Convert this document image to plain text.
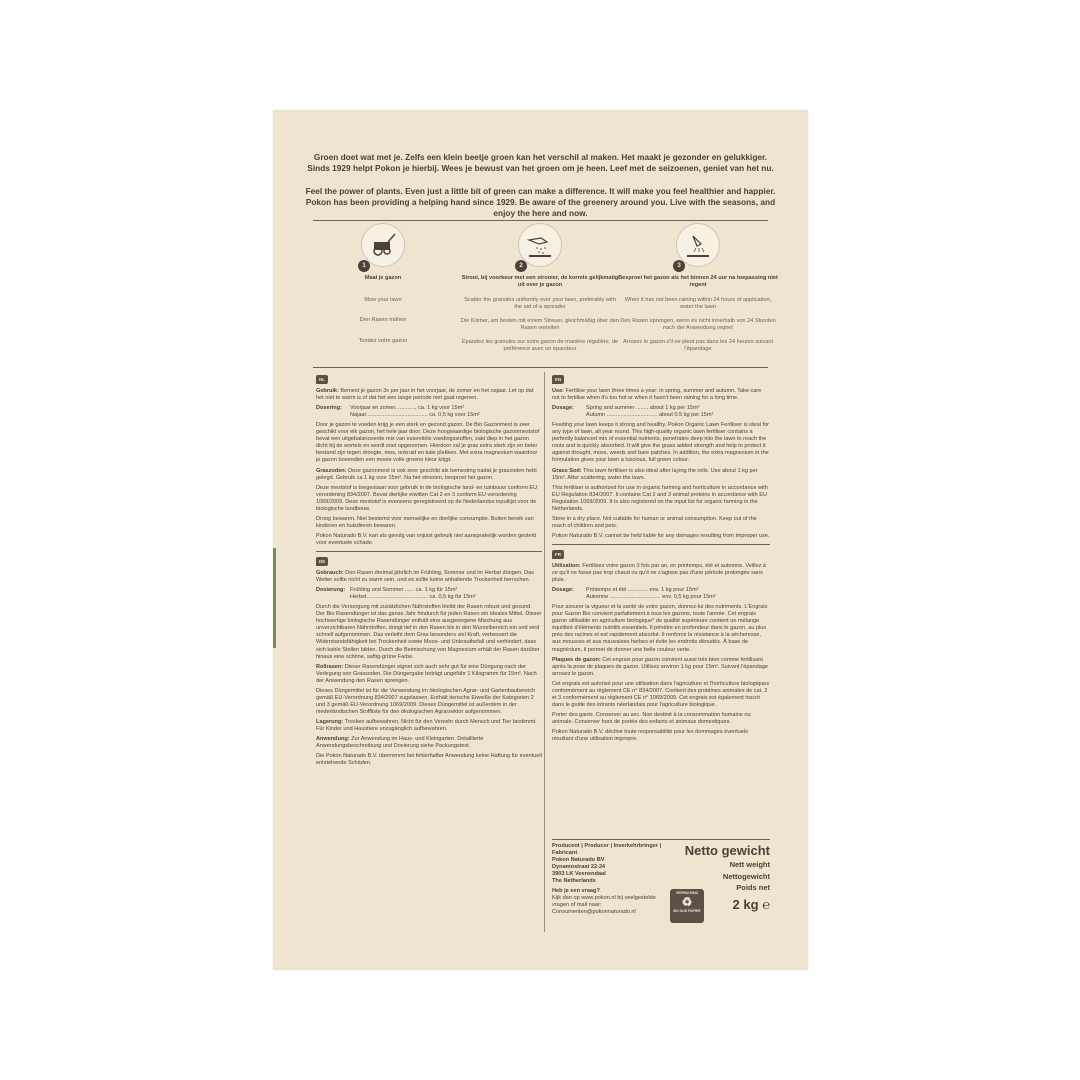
Groen doet wat met je. Zelfs een klein beetje groen kan het verschil al maken. Het maakt je gezonder en gelukkiger. Sinds 1929 helpt Pokon je hierbij. Wees je bewust van het groen om je heen. Leef met de seizoenen, geniet van het nu.
Feel the power of plants. Even just a little bit of green can make a difference. It will make you feel healthier and happier. Pokon has been providing a helping hand since 1929. Be aware of the greenery around you. Live with the seasons, and enjoy the here and now.
1
Maai je gazon
Mow your lawn
Den Rasen mähen
Tondez votre gazon
2
Strooi, bij voorkeur met een strooier, de korrels gelijkmatig uit over je gazon
Scatter the granules uniformly over your lawn, preferably with the aid of a spreader
Die Körner, am besten mit einem Streuer, gleichmäßig über den Rasen verteilen
Épandez les granules sur votre gazon de manière régulière, de préférence avec un épandeur
3
Besproei het gazon als het binnen 24 uur na toepassing niet regent
When it has not been raining within 24 hours of application, water the lawn
Den Rasen sprengen, wenn es nicht innerhalb von 24 Stunden nach der Anwendung regnet
Arrosez le gazon s'il ne pleut pas dans les 24 heures suivant l'épandage
NL

Gebruik: Bemest je gazon 3x per jaar in het voorjaar, de zomer en het najaar. Let op dat het niet te warm is of dat het een lange periode niet gaat regenen.

Dosering:	Voorjaar en zomer.............. ca. 1 kg voor 15m²
Najaar........................................ ca. 0,5 kg voor 15m²

Door je gazon te voeden krijg je een sterk en gezond gazon. De Bio Gazonmest is zeer geschikt voor elk gazon, het hele jaar door. Deze hoogwaardige biologische gazonmeststof bevat een uitgebalanceerde mix van essentiële voedingsstoffen, zakt diep in het gazon dicht bij de wortels en wordt snel opgenomen. Hierdoor zal je gras extra sterk zijn en beter bestand zijn tegen droogte, mos, onkruid en kale plekken. Met extra magnesium waardoor je gazon bovendien een mooie volle groene kleur krijgt.

Graszoden: Deze gazonmest is ook zeer geschikt als bemesting nadat je graszoden hebt gelegd. Gebruik ca 1 kg voor 15m². Na het strooien, besproei het gazon.

Deze meststof is toegestaan voor gebruik in de biologische land- en tuinbouw conform EU verordening 834/2007. Bevat dierlijke eiwitten Cat 2 en 3 conform EU verordening 1069/2009. Deze meststof is eveneens geregistreerd op de Nederlandse inputlijst voor de biologische landbouw.

Droog bewaren. Niet bestemd voor menselijke en dierlijke consumptie. Buiten bereik van kinderen en huisdieren bewaren.

Pokon Naturado B.V. kan als gevolg van onjuist gebruik niet aansprakelijk worden gesteld voor eventuele schade.

DE

Gebrauch: Den Rasen dreimal jährlich im Frühling, Sommer und im Herbst düngen. Das Wetter sollte nicht zu warm sein, und es sollte keine anhaltende Trockenheit herrschen.

Dosierung: Frühling und Sommer ...... ca. 1 kg für 15m²
Herbst........................................ ca. 0,5 kg für 15m²

Durch die Versorgung mit zusätzlichen Nährstoffen bleibt der Rasen robust und gesund. Der Bio Rasendünger ist das ganze Jahr hindurch für jeden Rasen ein ideales Mittel. Dieser hochwertige biologische Rasendünger enthält eine ausgewogene Mischung aus unverzichtbaren Nährstoffen, dringt tief in den Rasen bis in den Wurzelbereich ein und wird schnell aufgenommen. Das verleiht dem Gras besonders viel Kraft, verbessert die Widerstandsfähigkeit bei Trockenheit sowie Moos- und Unkrautbefall und verhindert, dass sich kahle Stellen bilden. Durch die Beimischung von Magnesium erhält der Rasen darüber hinaus eine schöne, saftig-grüne Farbe.

Rollrasen: Dieser Rasendünger eignet sich auch sehr gut für eine Düngung nach der Verlegung von Grassoden. Die Düngergabe beträgt ungefähr 1 Kilogramm für 15m². Nach der Anwendung den Rasen sprengen.

Dieses Düngemittel ist für die Verwendung im ökologischen Agrar- und Gartenbaubereich gemäß EU-Verordnung 834/2007 zugelassen. Enthält tierische Eiweiße der Kategorien 2 und 3 gemäß EU-Verordnung 1069/2009. Dieses Düngemittel ist außerdem in der niederländischen Stoffliste für den ökologischen Agrarsektor aufgenommen.

Lagerung: Trocken aufbewahren. Nicht für den Verzehr durch Mensch und Tier bestimmt. Für Kinder und Haustiere unzugänglich aufbewahren.

Anwendung: Zur Anwendung im Haus- und Kleingarten. Detaillierte Anwendungsbeschreibung und Dosierung siehe Packungstext.

Die Pokon Naturado B.V. übernimmt bei fehlerhafter Anwendung keine Haftung für eventuell entstehende Schäden.

EN

Use: Fertilise your lawn three times a year: in spring, summer and autumn. Take care not to fertilise when it's too hot or when it hasn't been raining for a long time.

Dosage:	Spring and summer ........ about 1 kg per 15m²
Autumn ................................. about 0.5 kg per 15m²

Feeding your lawn keeps it strong and healthy. Pokon Organic Lawn Fertiliser is ideal for any type of lawn, all year round. This high-quality organic lawn fertiliser contains a perfectly balanced mix of essential nutrients, penetrates deep into the lawn to reach the roots and is quickly absorbed. It will give the grass added strength and help to protect it against drought, moss, weeds and bare patches. In addition, the extra magnesium in the formulation gives your lawn a luscious, full green colour.

Grass Sod: This lawn fertiliser is also ideal after laying the rolls. Use about 1 kg per 15m². After scattering, water the lawn.

This fertiliser is authorized for use in organic farming and horticulture in accordance with EU Regulation 834/2007. It contains Cat 2 and 3 animal proteins in accordance with EU Regulation 1069/2009. It is also registered on the input list for organic farming in the Netherlands.

Store in a dry place. Not suitable for human or animal consumption. Keep out of the reach of children and pets.

Pokon Naturado B.V. cannot be held liable for any damages resulting from improper use.

FR

Utilisation: Fertilisez votre gazon 3 fois par an, en printemps, été et automne. Veillez à ce qu'il ne fasse pas trop chaud ou qu'il ne s'agisse pas d'une période prolongée sans pluie.

Dosage:	Printemps et été ............. env. 1 kg pour 15m²
Automne ................................. env. 0,5 kg pour 15m²

Pour assurer la vigueur et la santé de votre gazon, donnez-lui des nutriments. L'Engrais pour Gazon Bio convient parfaitement à tous les gazons, toute l'année. Cet engrais gazon utilisable en agriculture biologique* de qualité supérieure contient un mélange équilibré d'éléments nutritifs essentiels. Il pénètre en profondeur dans le gazon, au plus près des racines et est rapidement absorbé. Il renforce la résistance à la sécheresse, aux mousses et aux mauvaises herbes et évite les endroits dénudés. À base de magnésium, il permet de donner une belle couleur verte.

Plaques de gazon: Cet engrais pour gazon convient aussi très bien comme fertilisant après la pose de plaques de gazon. Utilisez environ 1 kg pour 15m². Suivant l'épandage arrosez le gazon.

Cet engrais est autorisé pour une utilisation dans l'agriculture et l'horticulture biologiques conformément au règlement CE n° 834/2007. Contient des protéines animales de cat. 2 et 3 conformément au règlement CE n° 1069/2009. Cet engrais est également inscrit dans le guide des intrants néerlandais pour l'agriculture biologique.

Porter des gants. Conserver au sec. Non destiné à la consommation humaine ou animale. Conserver hors de portée des enfants et animaux domestiques.

Pokon Naturado B.V. décline toute responsabilité pour les dommages éventuels résultant d'une utilisation impropre.

Producent | Producer | Inverkehrbringer | Fabricant
Pokon Naturado BV
Dynamostraat 22-24
3903 LK Veenendaal
The Netherlands
Heb je een vraag?
Kijk dan op www.pokon.nl bij veelgestelde vragen of mail naar: Consumenten@pokonnaturado.nl
VERPAKKING
♻
BIJ OUD PAPIER
Netto gewicht
Nett weight
Nettogewicht
Poids net
2 kg ℮
